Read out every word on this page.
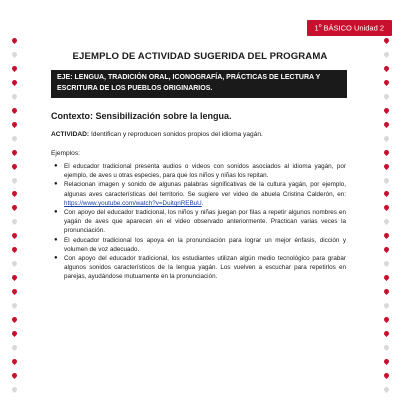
1$^o$ BÁSICO Unidad 2
EJEMPLO DE ACTIVIDAD SUGERIDA DEL PROGRAMA
EJE: LENGUA, TRADICIÓN ORAL, ICONOGRAFÍA, PRÁCTICAS DE LECTURA Y ESCRITURA DE LOS PUEBLOS ORIGINARIOS.
Contexto: Sensibilización sobre la lengua.
ACTIVIDAD: Identifican y reproducen sonidos propios del idioma yagán.
Ejemplos:
● El educador tradicional presenta audios o videos con sonidos asociados al idioma yagán, por ejemplo, de aves u otras especies, para que los niños y niñas los repitan.
● Relacionan imagen y sonido de algunas palabras significativas de la cultura yagán, por ejemplo, algunas aves características del territorio. Se sugiere ver video de abuela Cristina Calderón, en: https://www.youtube.com/watch?v=DuitqnREBuU.
● Con apoyo del educador tradicional, los niños y niñas juegan por filas a repetir algunos nombres en yagán de aves que aparecen en el video observado anteriormente. Practican varias veces la pronunciación.
● El educador tradicional los apoya en la pronunciación para lograr un mejor énfasis, dicción y volumen de voz adecuado.
● Con apoyo del educador tradicional, los estudiantes utilizan algún medio tecnológico para grabar algunos sonidos característicos de la lengua yagán. Los vuelven a escuchar para repetirlos en parejas, ayudándose mutuamente en la pronunciación.
